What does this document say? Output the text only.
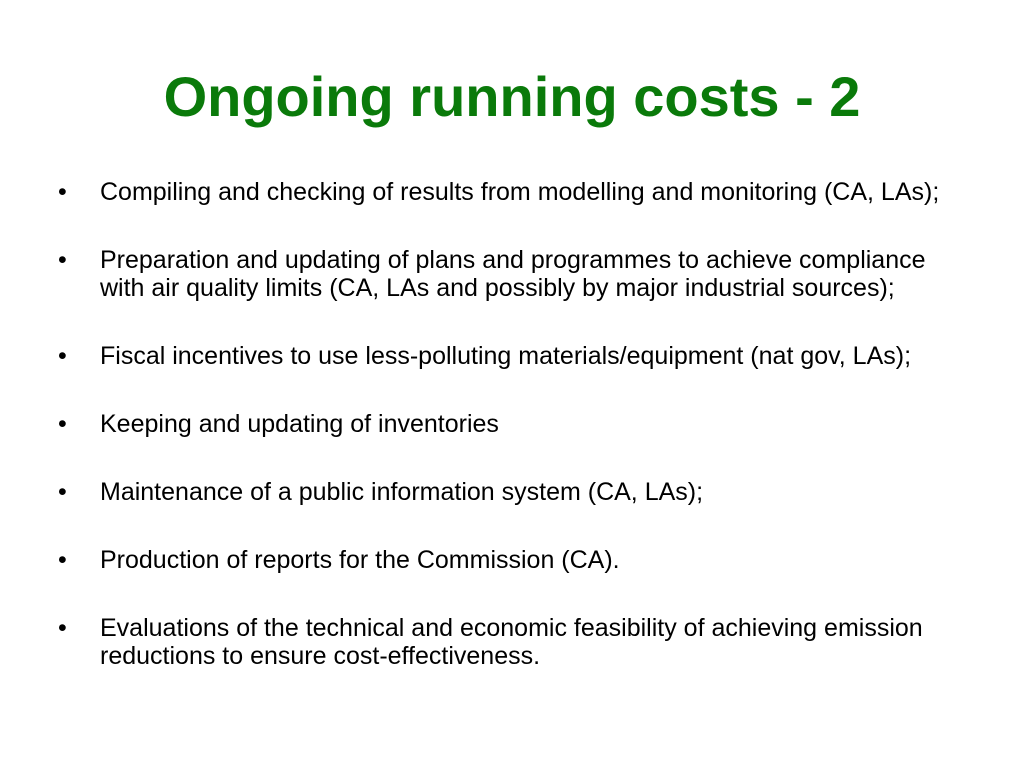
Ongoing running costs - 2
•	Compiling and checking of results from modelling and monitoring (CA, LAs);
•	Preparation and updating of plans and programmes to achieve compliance with air quality limits (CA, LAs and possibly by major industrial sources);
•	Fiscal incentives to use less-polluting materials/equipment (nat gov, LAs);
•	Keeping and updating of inventories
•	Maintenance of a public information system (CA, LAs);
•	Production of reports for the Commission (CA).
•	Evaluations of the technical and economic feasibility of achieving emission reductions to ensure cost-effectiveness.
